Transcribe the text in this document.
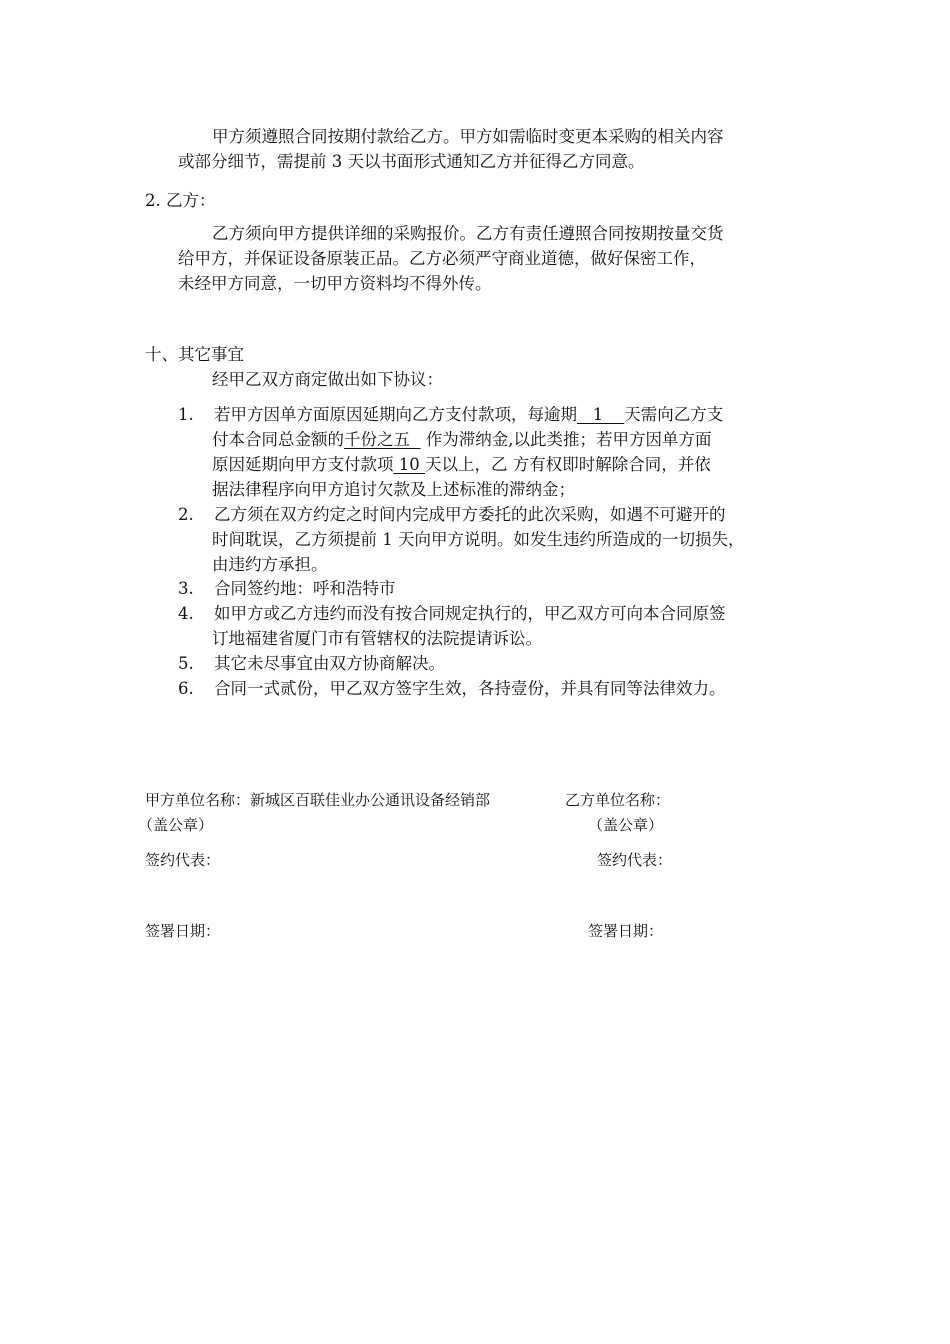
甲方须遵照合同按期付款给乙方。甲方如需临时变更本采购的相关内容
或部分细节，需提前 3 天以书面形式通知乙方并征得乙方同意。
2. 乙方：
乙方须向甲方提供详细的采购报价。乙方有责任遵照合同按期按量交货
给甲方，并保证设备原装正品。乙方必须严守商业道德，做好保密工作，
未经甲方同意，一切甲方资料均不得外传。
十、其它事宜
经甲乙双方商定做出如下协议：
1. 若甲方因单方面原因延期向乙方支付款项，每逾期   1    天需向乙方支
付本合同总金额的千份之五   作为滞纳金,以此类推；若甲方因单方面
原因延期向甲方支付款项 10 天以上，乙 方有权即时解除合同，并依
据法律程序向甲方追讨欠款及上述标准的滞纳金；
2. 乙方须在双方约定之时间内完成甲方委托的此次采购，如遇不可避开的
时间耽误，乙方须提前 1 天向甲方说明。如发生违约所造成的一切损失，
由违约方承担。
3. 合同签约地：呼和浩特市
4. 如甲方或乙方违约而没有按合同规定执行的，甲乙双方可向本合同原签
订地福建省厦门市有管辖权的法院提请诉讼。
5. 其它未尽事宜由双方协商解决。
6. 合同一式贰份，甲乙双方签字生效，各持壹份，并具有同等法律效力。
甲方单位名称：新城区百联佳业办公通讯设备经销部	乙方单位名称：
（盖公章）	（盖公章）
签约代表：	签约代表：
签署日期：	签署日期：
